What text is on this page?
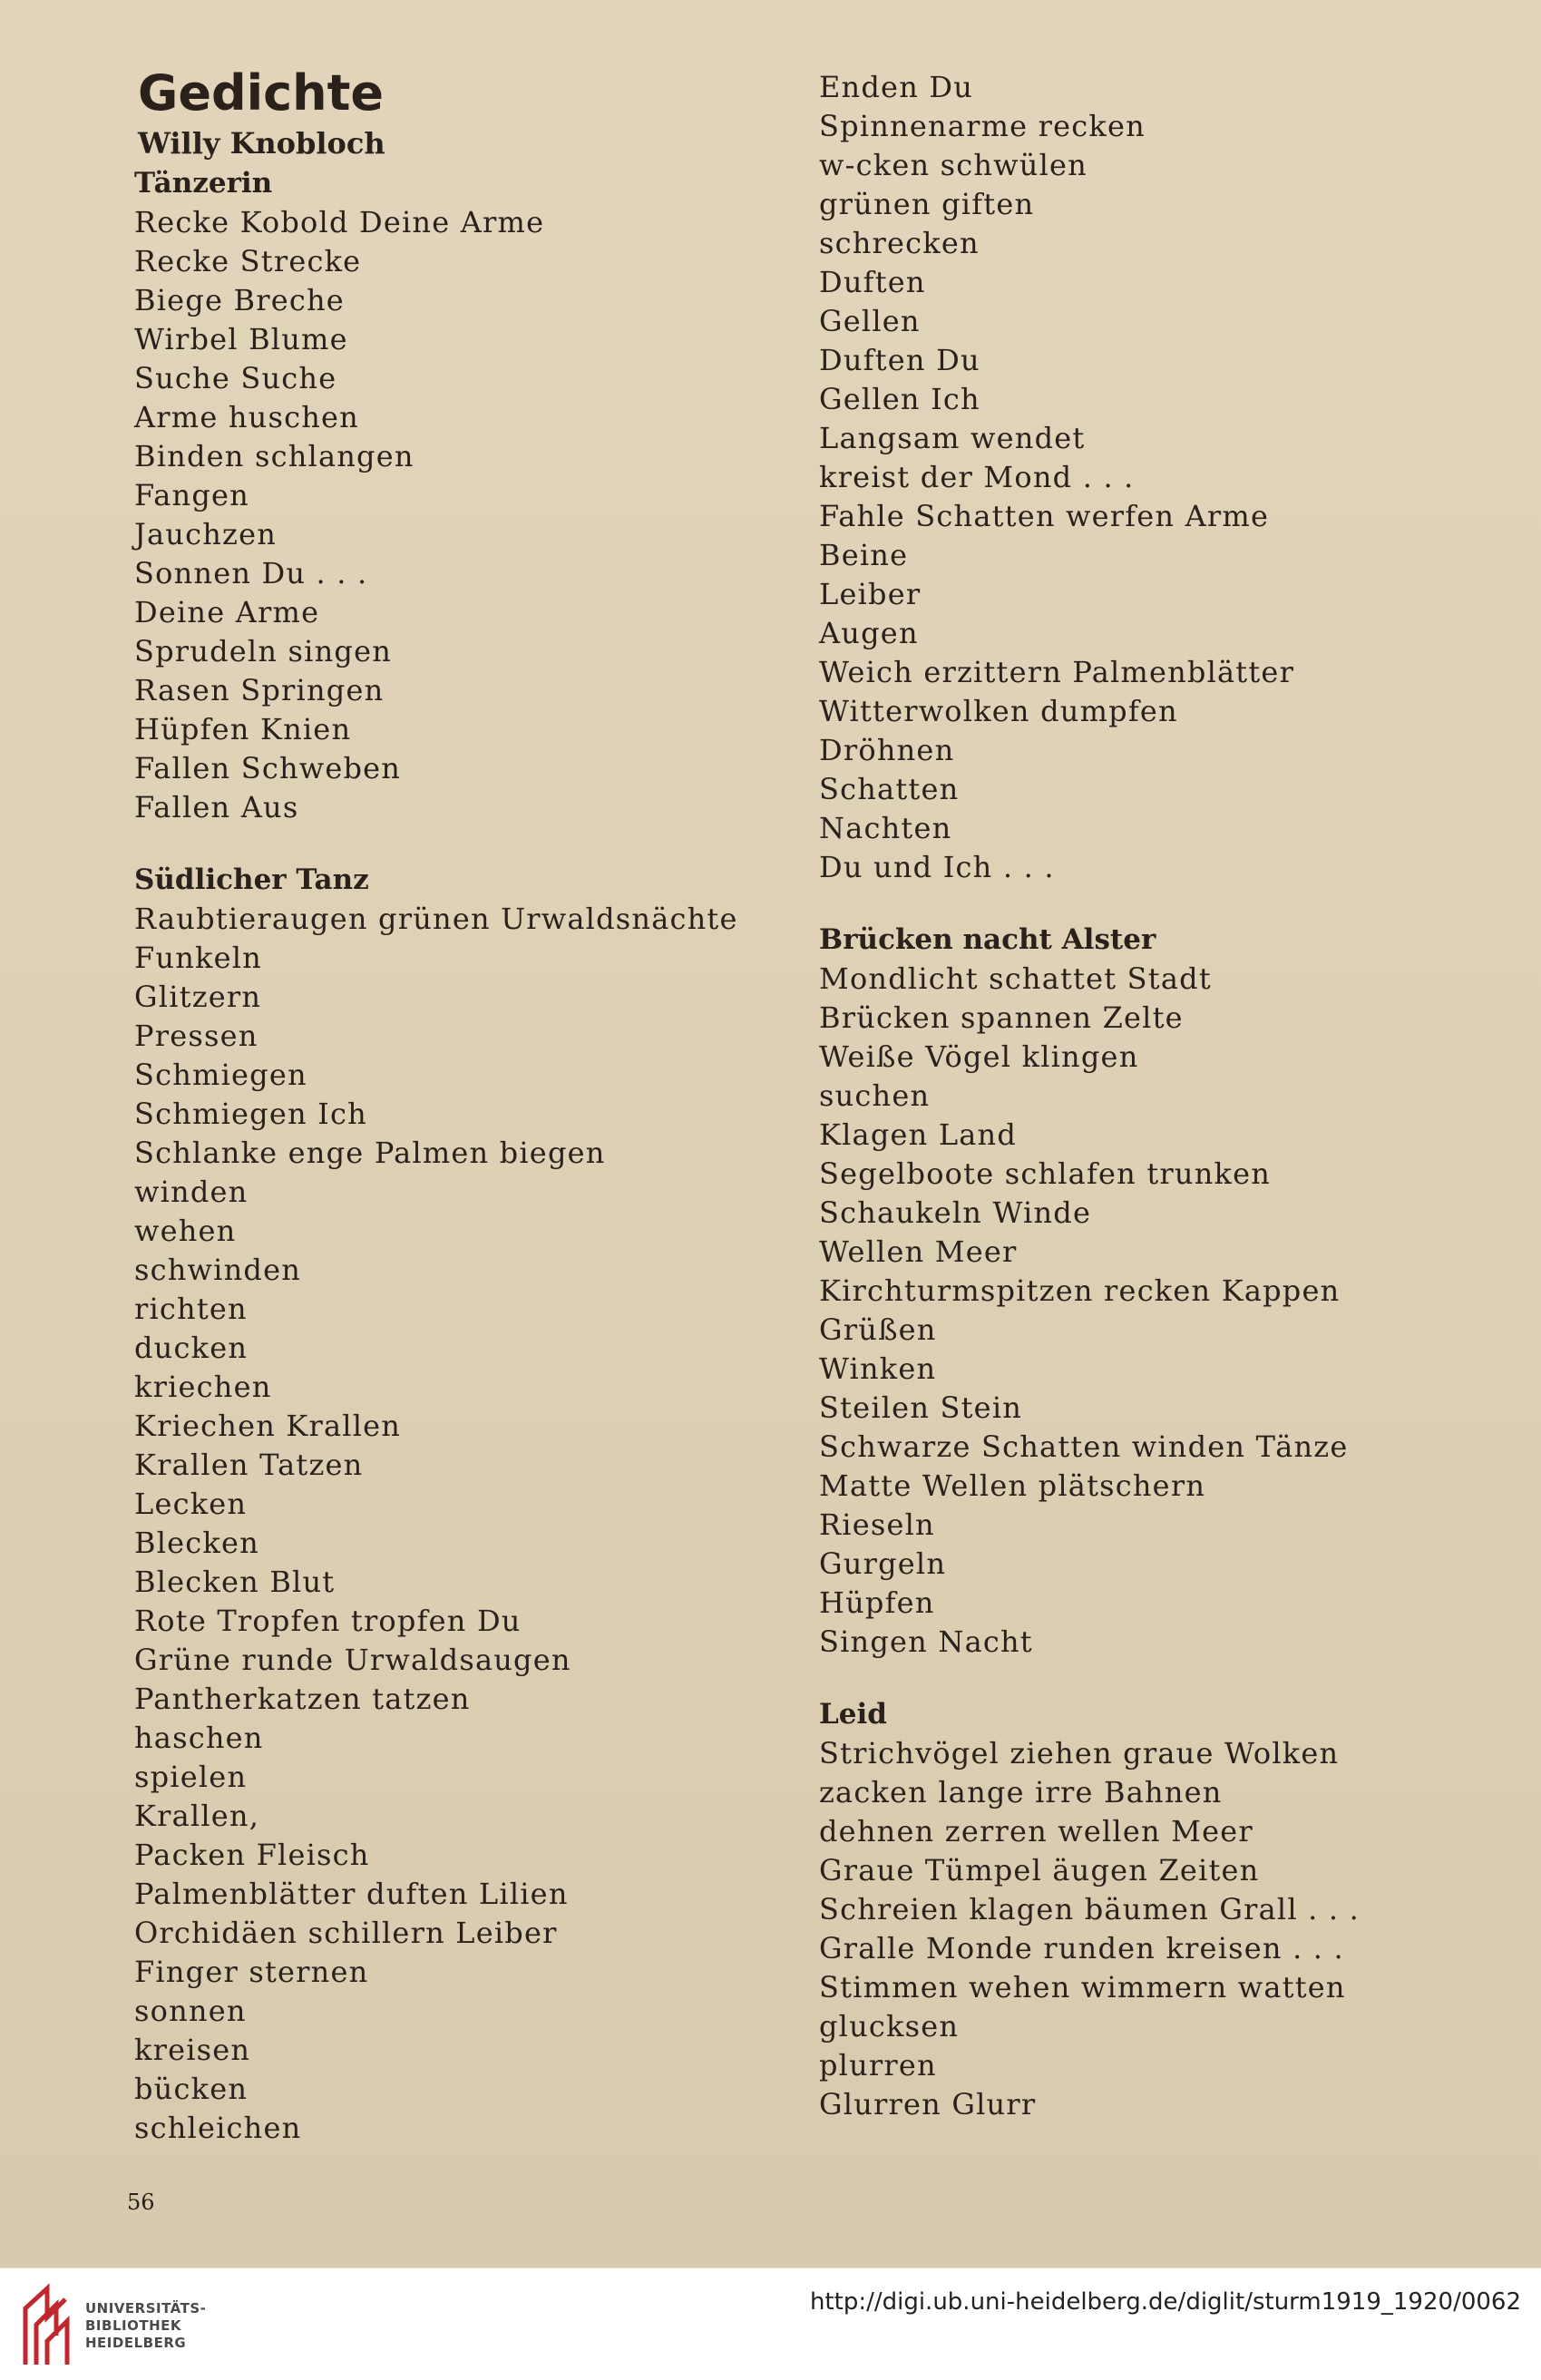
Gedichte
Willy Knobloch
Tänzerin
Recke Kobold Deine Arme
Recke Strecke
Biege Breche
Wirbel Blume
Suche Suche
Arme huschen
Binden schlangen
Fangen
Jauchzen
Sonnen Du . . .
Deine Arme
Sprudeln singen
Rasen Springen
Hüpfen Knien
Fallen Schweben
Fallen Aus
Südlicher Tanz
Raubtieraugen grünen Urwaldsnächte
Funkeln
Glitzern
Pressen
Schmiegen
Schmiegen Ich
Schlanke enge Palmen biegen
winden
wehen
schwinden
richten
ducken
kriechen
Kriechen Krallen
Krallen Tatzen
Lecken
Blecken
Blecken Blut
Rote Tropfen tropfen Du
Grüne runde Urwaldsaugen
Pantherkatzen tatzen
haschen
spielen
Krallen,
Packen Fleisch
Palmenblätter duften Lilien
Orchidäen schillern Leiber
Finger sternen
sonnen
kreisen
bücken
schleichen
Enden Du
Spinnenarme recken
w-cken schwülen
grünen giften
schrecken
Duften
Gellen
Duften Du
Gellen Ich
Langsam wendet
kreist der Mond . . .
Fahle Schatten werfen Arme
Beine
Leiber
Augen
Weich erzittern Palmenblätter
Witterwolken dumpfen
Dröhnen
Schatten
Nachten
Du und Ich . . .
Brücken nacht Alster
Mondlicht schattet Stadt
Brücken spannen Zelte
Weiße Vögel klingen
suchen
Klagen Land
Segelboote schlafen trunken
Schaukeln Winde
Wellen Meer
Kirchturmspitzen recken Kappen
Grüßen
Winken
Steilen Stein
Schwarze Schatten winden Tänze
Matte Wellen plätschern
Rieseln
Gurgeln
Hüpfen
Singen Nacht
Leid
Strichvögel ziehen graue Wolken
zacken lange irre Bahnen
dehnen zerren wellen Meer
Graue Tümpel äugen Zeiten
Schreien klagen bäumen Grall . . .
Gralle Monde runden kreisen . . .
Stimmen wehen wimmern watten
glucksen
plurren
Glurren Glurr
56
UNIVERSITÄTS-
BIBLIOTHEK
HEIDELBERG
http://digi.ub.uni-heidelberg.de/diglit/sturm1919_1920/0062
